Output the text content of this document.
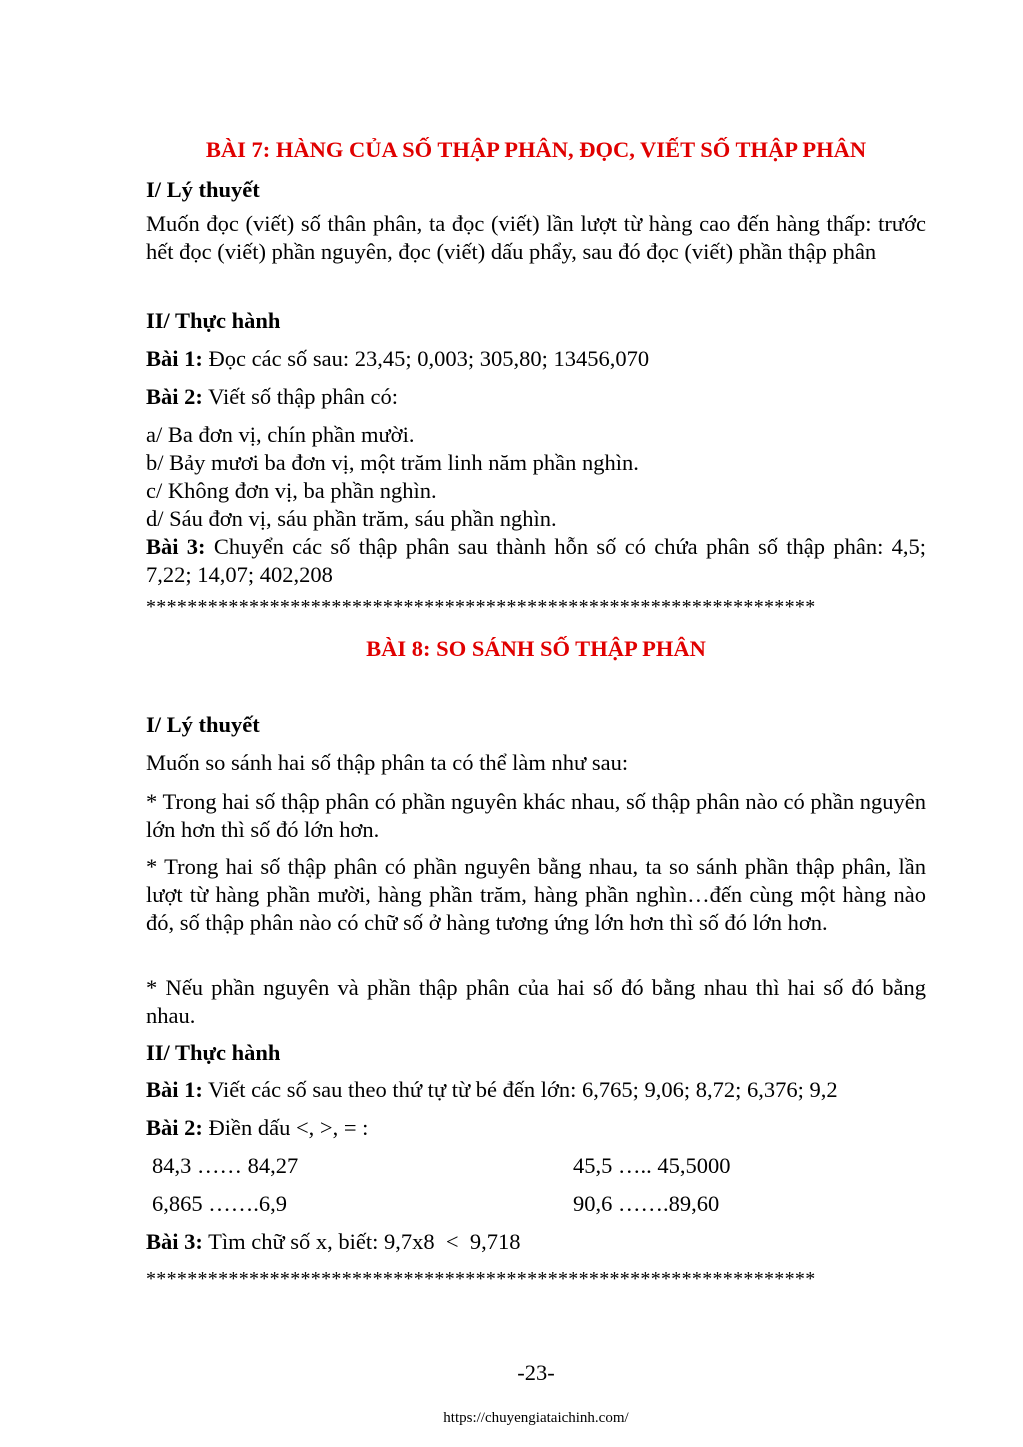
BÀI 7: HÀNG CỦA SỐ THẬP PHÂN, ĐỌC, VIẾT SỐ THẬP PHÂN
I/ Lý thuyết
Muốn đọc (viết) số thân phân, ta đọc (viết) lần lượt từ hàng cao đến hàng thấp: trước hết đọc (viết) phần nguyên, đọc (viết) dấu phẩy, sau đó đọc (viết) phần thập phân
II/ Thực hành
Bài 1: Đọc các số sau: 23,45; 0,003; 305,80; 13456,070
Bài 2: Viết số thập phân có:
a/ Ba đơn vị, chín phần mười.
b/ Bảy mươi ba đơn vị, một trăm linh năm phần nghìn.
c/ Không đơn vị, ba phần nghìn.
d/ Sáu đơn vị, sáu phần trăm, sáu phần nghìn.
Bài 3: Chuyển các số thập phân sau thành hỗn số có chứa phân số thập phân: 4,5; 7,22; 14,07; 402,208
*****************************************************************
BÀI 8: SO SÁNH SỐ THẬP PHÂN
I/ Lý thuyết
Muốn so sánh hai số thập phân ta có thể làm như sau:
* Trong hai số thập phân có phần nguyên khác nhau, số thập phân nào có phần nguyên lớn hơn thì số đó lớn hơn.
* Trong hai số thập phân có phần nguyên bằng nhau, ta so sánh phần thập phân, lần lượt từ hàng phần mười, hàng phần trăm, hàng phần nghìn…đến cùng một hàng nào đó, số thập phân nào có chữ số ở hàng tương ứng lớn hơn thì số đó lớn hơn.
* Nếu phần nguyên và phần thập phân của hai số đó bằng nhau thì hai số đó bằng nhau.
II/ Thực hành
Bài 1: Viết các số sau theo thứ tự từ bé đến lớn: 6,765; 9,06; 8,72; 6,376; 9,2
Bài 2: Điền dấu <, >, = :
84,3 …… 84,27	45,5 ….. 45,5000
6,865 …….6,9	90,6 …….89,60
Bài 3: Tìm chữ số x, biết: 9,7x8  <  9,718
*****************************************************************
-23-
https://chuyengiataichinh.com/
